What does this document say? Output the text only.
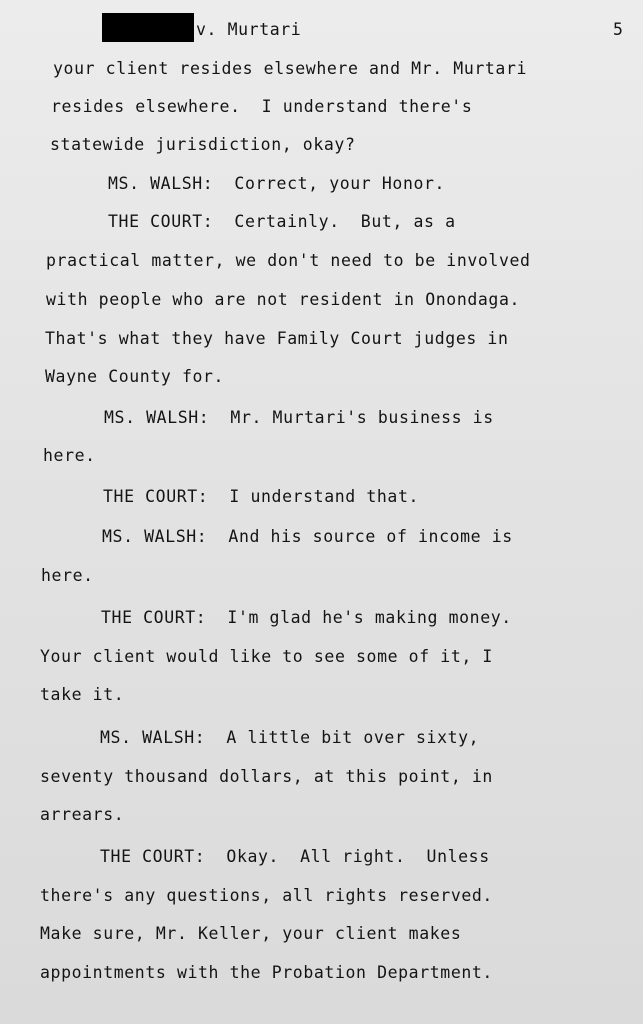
v. Murtari	5
your client resides elsewhere and Mr. Murtari
resides elsewhere.  I understand there's
statewide jurisdiction, okay?
MS. WALSH:  Correct, your Honor.
THE COURT:  Certainly.  But, as a
practical matter, we don't need to be involved
with people who are not resident in Onondaga.
That's what they have Family Court judges in
Wayne County for.
MS. WALSH:  Mr. Murtari's business is
here.
THE COURT:  I understand that.
MS. WALSH:  And his source of income is
here.
THE COURT:  I'm glad he's making money.
Your client would like to see some of it, I
take it.
MS. WALSH:  A little bit over sixty,
seventy thousand dollars, at this point, in
arrears.
THE COURT:  Okay.  All right.  Unless
there's any questions, all rights reserved.
Make sure, Mr. Keller, your client makes
appointments with the Probation Department.
